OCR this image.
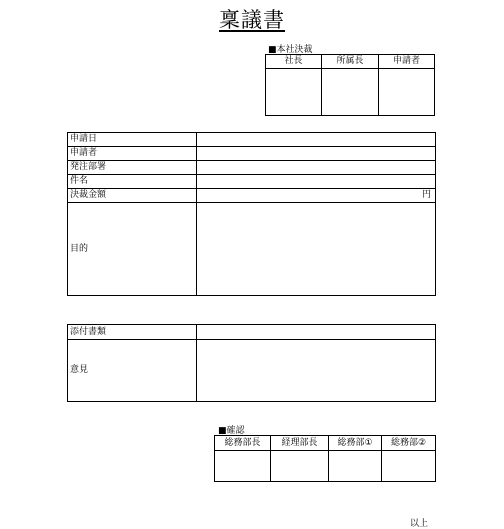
稟議書
■本社決裁
社長	所属長	申請者

申請日	
申請者	
発注部署	
件名	
決裁金額	円
目的	
添付書類	
意見	
■確認
総務部長	経理部長	総務部①	総務部②

以上
